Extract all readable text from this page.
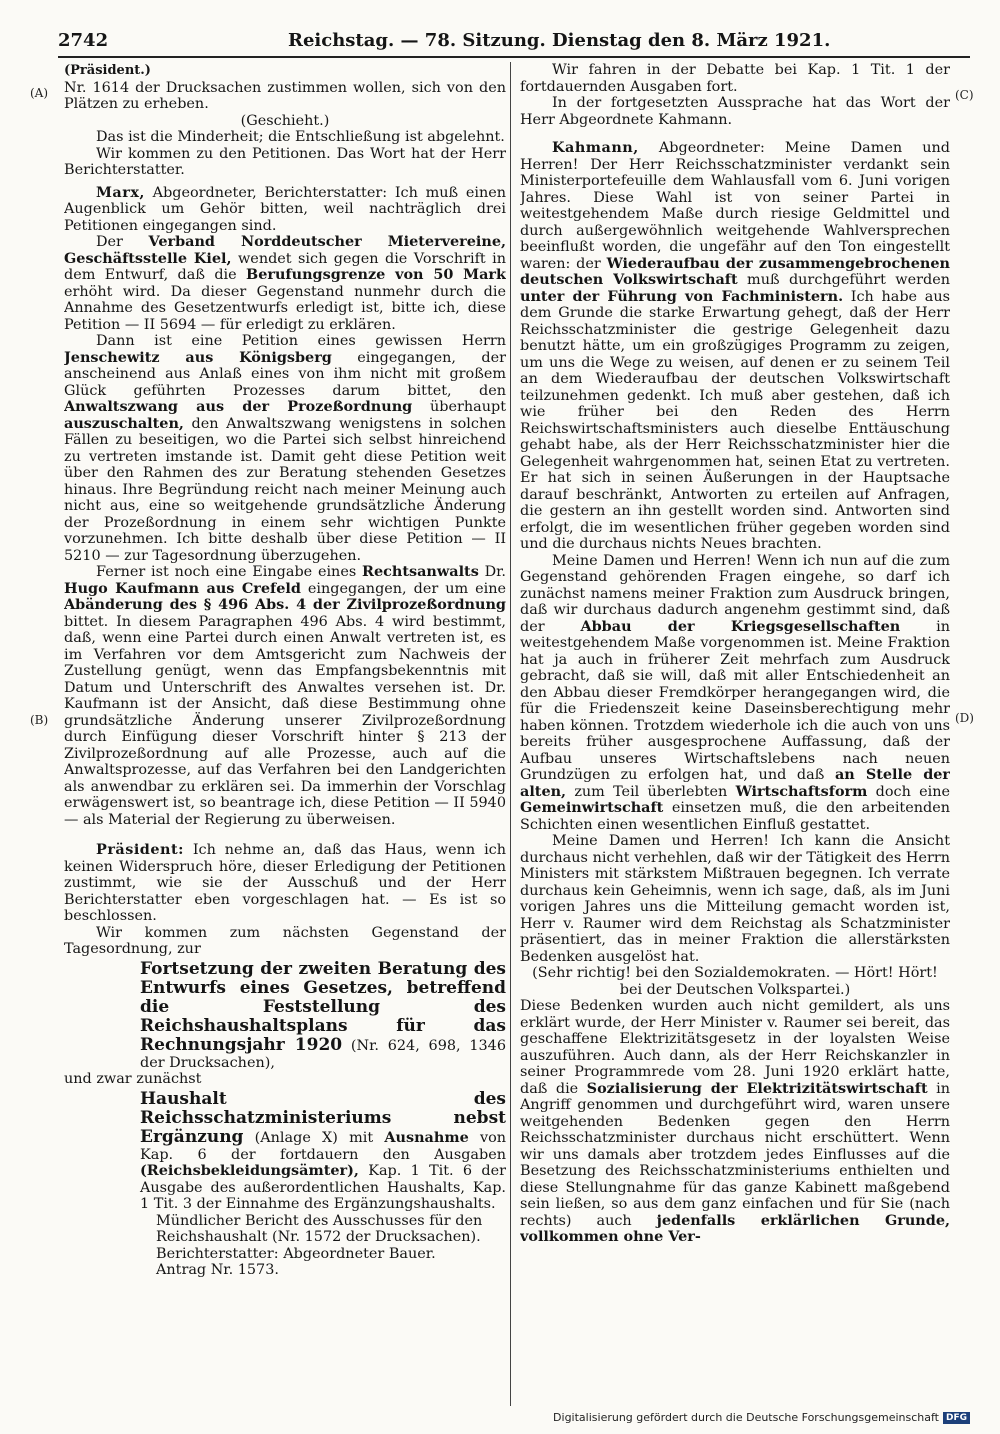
2742	Reichstag. — 78. Sitzung. Dienstag den 8. März 1921.
(A)
(B)
(C)
(D)

(Präsident.)

Nr. 1614 der Drucksachen zustimmen wollen, sich von den Plätzen zu erheben.

(Geschieht.)

Das ist die Minderheit; die Entschließung ist abgelehnt.

Wir kommen zu den Petitionen. Das Wort hat der Herr Berichterstatter.

Marx, Abgeordneter, Berichterstatter: Ich muß einen Augenblick um Gehör bitten, weil nachträglich drei Petitionen eingegangen sind.

Der Verband Norddeutscher Mietervereine, Geschäftsstelle Kiel, wendet sich gegen die Vorschrift in dem Entwurf, daß die Berufungsgrenze von 50 Mark erhöht wird. Da dieser Gegenstand nunmehr durch die Annahme des Gesetzentwurfs erledigt ist, bitte ich, diese Petition — II 5694 — für erledigt zu erklären.

Dann ist eine Petition eines gewissen Herrn Jenschewitz aus Königsberg eingegangen, der anscheinend aus Anlaß eines von ihm nicht mit großem Glück geführten Prozesses darum bittet, den Anwaltszwang aus der Prozeßordnung überhaupt auszuschalten, den Anwaltszwang wenigstens in solchen Fällen zu beseitigen, wo die Partei sich selbst hinreichend zu vertreten imstande ist. Damit geht diese Petition weit über den Rahmen des zur Beratung stehenden Gesetzes hinaus. Ihre Begründung reicht nach meiner Meinung auch nicht aus, eine so weitgehende grundsätzliche Änderung der Prozeßordnung in einem sehr wichtigen Punkte vorzunehmen. Ich bitte deshalb über diese Petition — II 5210 — zur Tagesordnung überzugehen.

Ferner ist noch eine Eingabe eines Rechtsanwalts Dr. Hugo Kaufmann aus Crefeld eingegangen, der um eine Abänderung des § 496 Abs. 4 der Zivilprozeßordnung bittet. In diesem Paragraphen 496 Abs. 4 wird bestimmt, daß, wenn eine Partei durch einen Anwalt vertreten ist, es im Verfahren vor dem Amtsgericht zum Nachweis der Zustellung genügt, wenn das Empfangsbekenntnis mit Datum und Unterschrift des Anwaltes versehen ist. Dr. Kaufmann ist der Ansicht, daß diese Bestimmung ohne grundsätzliche Änderung unserer Zivilprozeßordnung durch Einfügung dieser Vorschrift hinter § 213 der Zivilprozeßordnung auf alle Prozesse, auch auf die Anwaltsprozesse, auf das Verfahren bei den Landgerichten als anwendbar zu erklären sei. Da immerhin der Vorschlag erwägenswert ist, so beantrage ich, diese Petition — II 5940 — als Material der Regierung zu überweisen.

Präsident: Ich nehme an, daß das Haus, wenn ich keinen Widerspruch höre, dieser Erledigung der Petitionen zustimmt, wie sie der Ausschuß und der Herr Berichterstatter eben vorgeschlagen hat. — Es ist so beschlossen.

Wir kommen zum nächsten Gegenstand der Tagesordnung, zur

Fortsetzung der zweiten Beratung des Entwurfs eines Gesetzes, betreffend die Feststellung des Reichshaushaltsplans für das Rechnungsjahr 1920 (Nr. 624, 698, 1346 der Drucksachen),

und zwar zunächst

Haushalt des Reichsschatzministeriums nebst Ergänzung (Anlage X) mit Ausnahme von Kap. 6 der fortdauern den Ausgaben (Reichsbekleidungsämter), Kap. 1 Tit. 6 der Ausgabe des außerordentlichen Haushalts, Kap. 1 Tit. 3 der Einnahme des Ergänzungshaushalts.

Mündlicher Bericht des Ausschusses für den Reichshaushalt (Nr. 1572 der Drucksachen).

Berichterstatter: Abgeordneter Bauer.

Antrag Nr. 1573.

Wir fahren in der Debatte bei Kap. 1 Tit. 1 der fortdauernden Ausgaben fort.

In der fortgesetzten Aussprache hat das Wort der Herr Abgeordnete Kahmann.

Kahmann, Abgeordneter: Meine Damen und Herren! Der Herr Reichsschatzminister verdankt sein Ministerportefeuille dem Wahlausfall vom 6. Juni vorigen Jahres. Diese Wahl ist von seiner Partei in weitestgehendem Maße durch riesige Geldmittel und durch außergewöhnlich weitgehende Wahlversprechen beeinflußt worden, die ungefähr auf den Ton eingestellt waren: der Wiederaufbau der zusammengebrochenen deutschen Volkswirtschaft muß durchgeführt werden unter der Führung von Fachministern. Ich habe aus dem Grunde die starke Erwartung gehegt, daß der Herr Reichsschatzminister die gestrige Gelegenheit dazu benutzt hätte, um ein großzügiges Programm zu zeigen, um uns die Wege zu weisen, auf denen er zu seinem Teil an dem Wiederaufbau der deutschen Volkswirtschaft teilzunehmen gedenkt. Ich muß aber gestehen, daß ich wie früher bei den Reden des Herrn Reichswirtschaftsministers auch dieselbe Enttäuschung gehabt habe, als der Herr Reichsschatzminister hier die Gelegenheit wahrgenommen hat, seinen Etat zu vertreten. Er hat sich in seinen Äußerungen in der Hauptsache darauf beschränkt, Antworten zu erteilen auf Anfragen, die gestern an ihn gestellt worden sind. Antworten sind erfolgt, die im wesentlichen früher gegeben worden sind und die durchaus nichts Neues brachten.

Meine Damen und Herren! Wenn ich nun auf die zum Gegenstand gehörenden Fragen eingehe, so darf ich zunächst namens meiner Fraktion zum Ausdruck bringen, daß wir durchaus dadurch angenehm gestimmt sind, daß der Abbau der Kriegsgesellschaften in weitestgehendem Maße vorgenommen ist. Meine Fraktion hat ja auch in früherer Zeit mehrfach zum Ausdruck gebracht, daß sie will, daß mit aller Entschiedenheit an den Abbau dieser Fremdkörper herangegangen wird, die für die Friedenszeit keine Daseinsberechtigung mehr haben können. Trotzdem wiederhole ich die auch von uns bereits früher ausgesprochene Auffassung, daß der Aufbau unseres Wirtschaftslebens nach neuen Grundzügen zu erfolgen hat, und daß an Stelle der alten, zum Teil überlebten Wirtschaftsform doch eine Gemeinwirtschaft einsetzen muß, die den arbeitenden Schichten einen wesentlichen Einfluß gestattet.

Meine Damen und Herren! Ich kann die Ansicht durchaus nicht verhehlen, daß wir der Tätigkeit des Herrn Ministers mit stärkstem Mißtrauen begegnen. Ich verrate durchaus kein Geheimnis, wenn ich sage, daß, als im Juni vorigen Jahres uns die Mitteilung gemacht worden ist, Herr v. Raumer wird dem Reichstag als Schatzminister präsentiert, das in meiner Fraktion die allerstärksten Bedenken ausgelöst hat.

(Sehr richtig! bei den Sozialdemokraten. — Hört! Hört! bei der Deutschen Volkspartei.)

Diese Bedenken wurden auch nicht gemildert, als uns erklärt wurde, der Herr Minister v. Raumer sei bereit, das geschaffene Elektrizitätsgesetz in der loyalsten Weise auszuführen. Auch dann, als der Herr Reichskanzler in seiner Programmrede vom 28. Juni 1920 erklärt hatte, daß die Sozialisierung der Elektrizitätswirtschaft in Angriff genommen und durchgeführt wird, waren unsere weitgehenden Bedenken gegen den Herrn Reichsschatzminister durchaus nicht erschüttert. Wenn wir uns damals aber trotzdem jedes Einflusses auf die Besetzung des Reichsschatzministeriums enthielten und diese Stellungnahme für das ganze Kabinett maßgebend sein ließen, so aus dem ganz einfachen und für Sie (nach rechts) auch jedenfalls erklärlichen Grunde, vollkommen ohne Ver-

Digitalisierung gefördert durch die Deutsche Forschungsgemeinschaft DFG
